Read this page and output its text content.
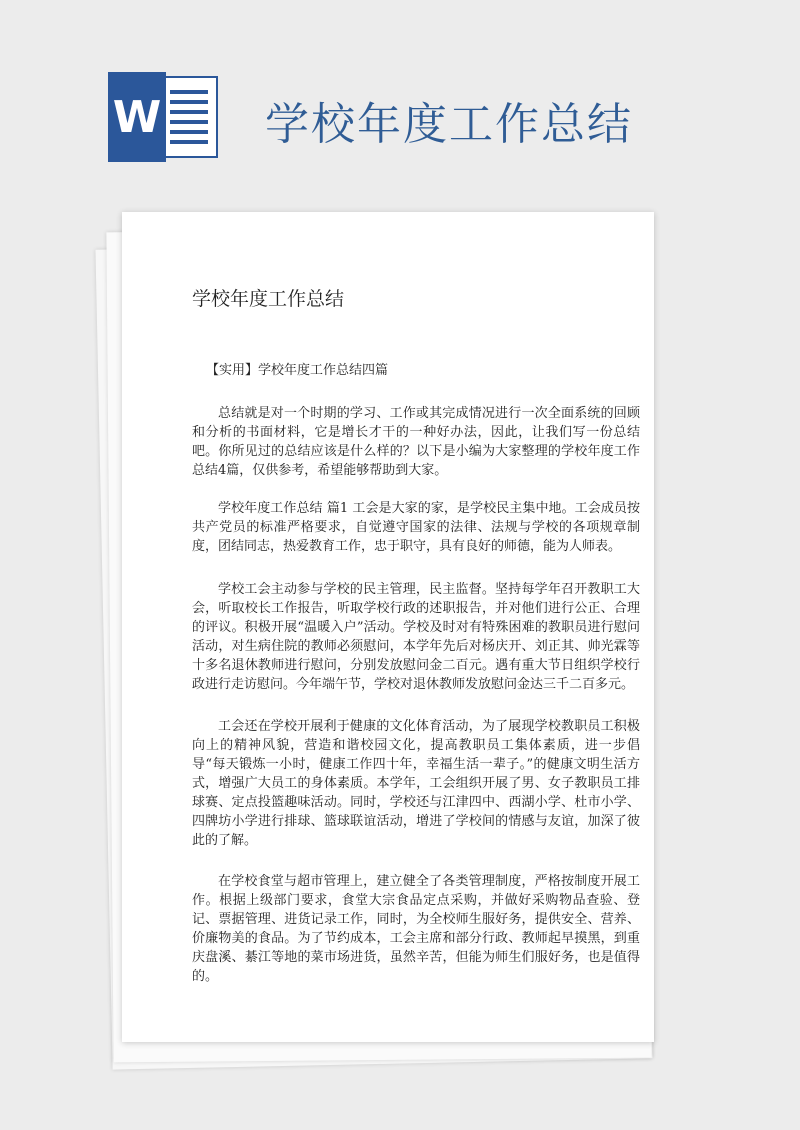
W 学校年度工作总结
学校年度工作总结
【实用】学校年度工作总结四篇

总结就是对一个时期的学习、工作或其完成情况进行一次全面系统的回顾和分析的书面材料，它是增长才干的一种好办法，因此，让我们写一份总结吧。你所见过的总结应该是什么样的？以下是小编为大家整理的学校年度工作总结4篇，仅供参考，希望能够帮助到大家。

学校年度工作总结 篇1 工会是大家的家，是学校民主集中地。工会成员按共产党员的标准严格要求，自觉遵守国家的法律、法规与学校的各项规章制度，团结同志，热爱教育工作，忠于职守，具有良好的师德，能为人师表。

学校工会主动参与学校的民主管理，民主监督。坚持每学年召开教职工大会，听取校长工作报告，听取学校行政的述职报告，并对他们进行公正、合理的评议。积极开展“温暖入户”活动。学校及时对有特殊困难的教职员进行慰问活动，对生病住院的教师必须慰问，本学年先后对杨庆开、刘正其、帅光霖等十多名退休教师进行慰问，分别发放慰问金二百元。遇有重大节日组织学校行政进行走访慰问。今年端午节，学校对退休教师发放慰问金达三千二百多元。

工会还在学校开展利于健康的文化体育活动，为了展现学校教职员工积极向上的精神风貌，营造和谐校园文化，提高教职员工集体素质，进一步倡导“每天锻炼一小时，健康工作四十年，幸福生活一辈子。”的健康文明生活方式，增强广大员工的身体素质。本学年，工会组织开展了男、女子教职员工排球赛、定点投篮趣味活动。同时，学校还与江津四中、西湖小学、杜市小学、四牌坊小学进行排球、篮球联谊活动，增进了学校间的情感与友谊，加深了彼此的了解。

在学校食堂与超市管理上，建立健全了各类管理制度，严格按制度开展工作。根据上级部门要求，食堂大宗食品定点采购，并做好采购物品查验、登记、票据管理、进货记录工作，同时，为全校师生服好务，提供安全、营养、价廉物美的食品。为了节约成本，工会主席和部分行政、教师起早摸黑，到重庆盘溪、綦江等地的菜市场进货，虽然辛苦，但能为师生们服好务，也是值得的。
